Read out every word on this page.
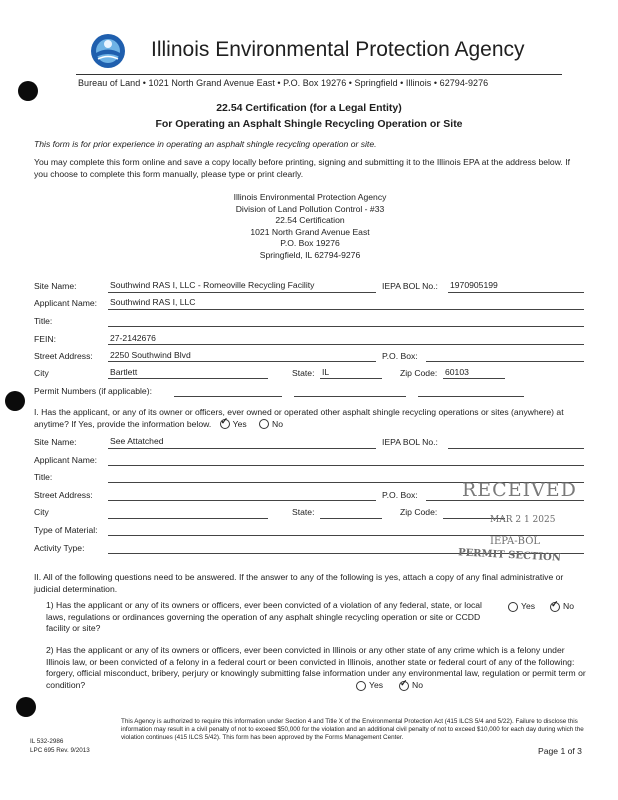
Illinois Environmental Protection Agency
Bureau of Land • 1021 North Grand Avenue East • P.O. Box 19276 • Springfield • Illinois • 62794-9276
22.54 Certification (for a Legal Entity)
For Operating an Asphalt Shingle Recycling Operation or Site
This form is for prior experience in operating an asphalt shingle recycling operation or site.
You may complete this form online and save a copy locally before printing, signing and submitting it to the Illinois EPA at the address below. If you choose to complete this form manually, please type or print clearly.
Illinois Environmental Protection Agency
Division of Land Pollution Control - #33
22.54 Certification
1021 North Grand Avenue East
P.O. Box 19276
Springfield, IL 62794-9276
Site Name:	Southwind RAS I, LLC - Romeoville Recycling Facility	IEPA BOL No.: 1970905199
Applicant Name: Southwind RAS I, LLC
Title:
FEIN:	27-2142676
Street Address: 2250 Southwind Blvd	P.O. Box:
City	Bartlett	State: IL	Zip Code: 60103
Permit Numbers (if applicable):
I. Has the applicant, or any of its owner or officers, ever owned or operated other asphalt shingle recycling operations or sites (anywhere) at anytime? If Yes, provide the information below. ✓ Yes	No
Site Name:	See Attatched	IEPA BOL No.:
Applicant Name:
Title:
Street Address:	P.O. Box:
City	State:	Zip Code:
Type of Material:
Activity Type:
RECEIVED
MAR 2 1 2025
IEPA-BOL
PERMIT SECTION
II. All of the following questions need to be answered. If the answer to any of the following is yes, attach a copy of any final administrative or judicial determination.
1) Has the applicant or any of its owners or officers, ever been convicted of a violation of any federal, state, or local laws, regulations or ordinances governing the operation of any asphalt shingle recycling operation or site or CCDD facility or site?
Yes ✓	No
2) Has the applicant or any of its owners or officers, ever been convicted in Illinois or any other state of any crime which is a felony under Illinois law, or been convicted of a felony in a federal court or been convicted in Illinois, another state or federal court of any of the following: forgery, official misconduct, bribery, perjury or knowingly submitting false information under any environmental law, regulation or permit term or condition?	Yes ✓	No
This Agency is authorized to require this information under Section 4 and Title X of the Environmental Protection Act (415 ILCS 5/4 and 5/22). Failure to disclose this information may result in a civil penalty of not to exceed $50,000 for the violation and an additional civil penalty of not to exceed $10,000 for each day during which the violation continues (415 ILCS 5/42). This form has been approved by the Forms Management Center.
IL 532-2986
LPC 695 Rev. 9/2013	Page 1 of 3
